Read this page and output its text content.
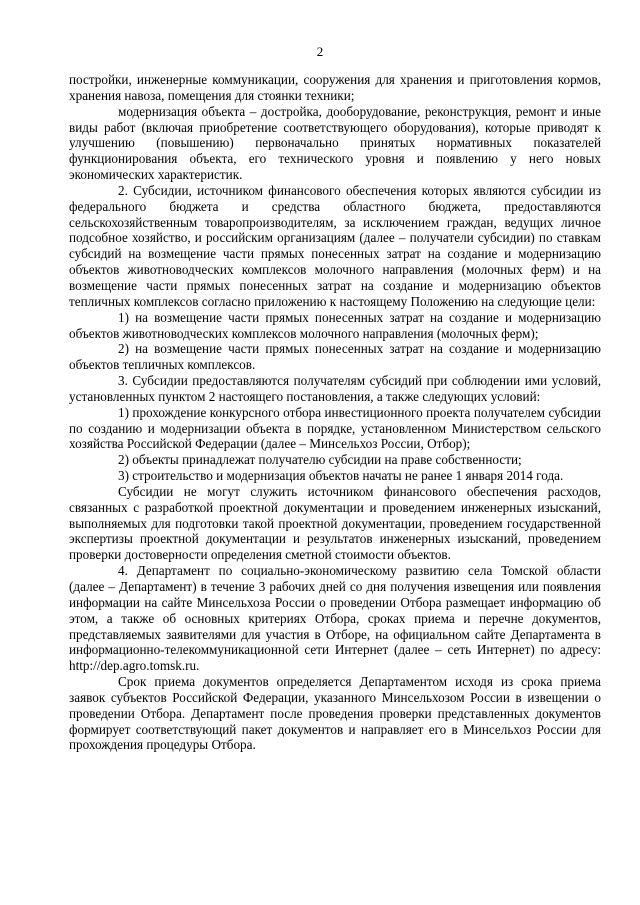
2

постройки, инженерные коммуникации, сооружения для хранения и приготовления кормов, хранения навоза, помещения для стоянки техники;

модернизация объекта – достройка, дооборудование, реконструкция, ремонт и иные виды работ (включая приобретение соответствующего оборудования), которые приводят к улучшению (повышению) первоначально принятых нормативных показателей функционирования объекта, его технического уровня и появлению у него новых экономических характеристик.

2. Субсидии, источником финансового обеспечения которых являются субсидии из федерального бюджета и средства областного бюджета, предоставляются сельскохозяйственным товаропроизводителям, за исключением граждан, ведущих личное подсобное хозяйство, и российским организациям (далее – получатели субсидии) по ставкам субсидий на возмещение части прямых понесенных затрат на создание и модернизацию объектов животноводческих комплексов молочного направления (молочных ферм) и на возмещение части прямых понесенных затрат на создание и модернизацию объектов тепличных комплексов согласно приложению к настоящему Положению на следующие цели:

1) на возмещение части прямых понесенных затрат на создание и модернизацию объектов животноводческих комплексов молочного направления (молочных ферм);

2) на возмещение части прямых понесенных затрат на создание и модернизацию объектов тепличных комплексов.

3. Субсидии предоставляются получателям субсидий при соблюдении ими условий, установленных пунктом 2 настоящего постановления, а также следующих условий:

1) прохождение конкурсного отбора инвестиционного проекта получателем субсидии по созданию и модернизации объекта в порядке, установленном Министерством сельского хозяйства Российской Федерации (далее – Минсельхоз России, Отбор);

2) объекты принадлежат получателю субсидии на праве собственности;

3) строительство и модернизация объектов начаты не ранее 1 января 2014 года.

Субсидии не могут служить источником финансового обеспечения расходов, связанных с разработкой проектной документации и проведением инженерных изысканий, выполняемых для подготовки такой проектной документации, проведением государственной экспертизы проектной документации и результатов инженерных изысканий, проведением проверки достоверности определения сметной стоимости объектов.

4. Департамент по социально-экономическому развитию села Томской области (далее – Департамент) в течение 3 рабочих дней со дня получения извещения или появления информации на сайте Минсельхоза России о проведении Отбора размещает информацию об этом, а также об основных критериях Отбора, сроках приема и перечне документов, представляемых заявителями для участия в Отборе, на официальном сайте Департамента в информационно-телекоммуникационной сети Интернет (далее – сеть Интернет) по адресу: http://dep.agro.tomsk.ru.

Срок приема документов определяется Департаментом исходя из срока приема заявок субъектов Российской Федерации, указанного Минсельхозом России в извещении о проведении Отбора. Департамент после проведения проверки представленных документов формирует соответствующий пакет документов и направляет его в Минсельхоз России для прохождения процедуры Отбора.
